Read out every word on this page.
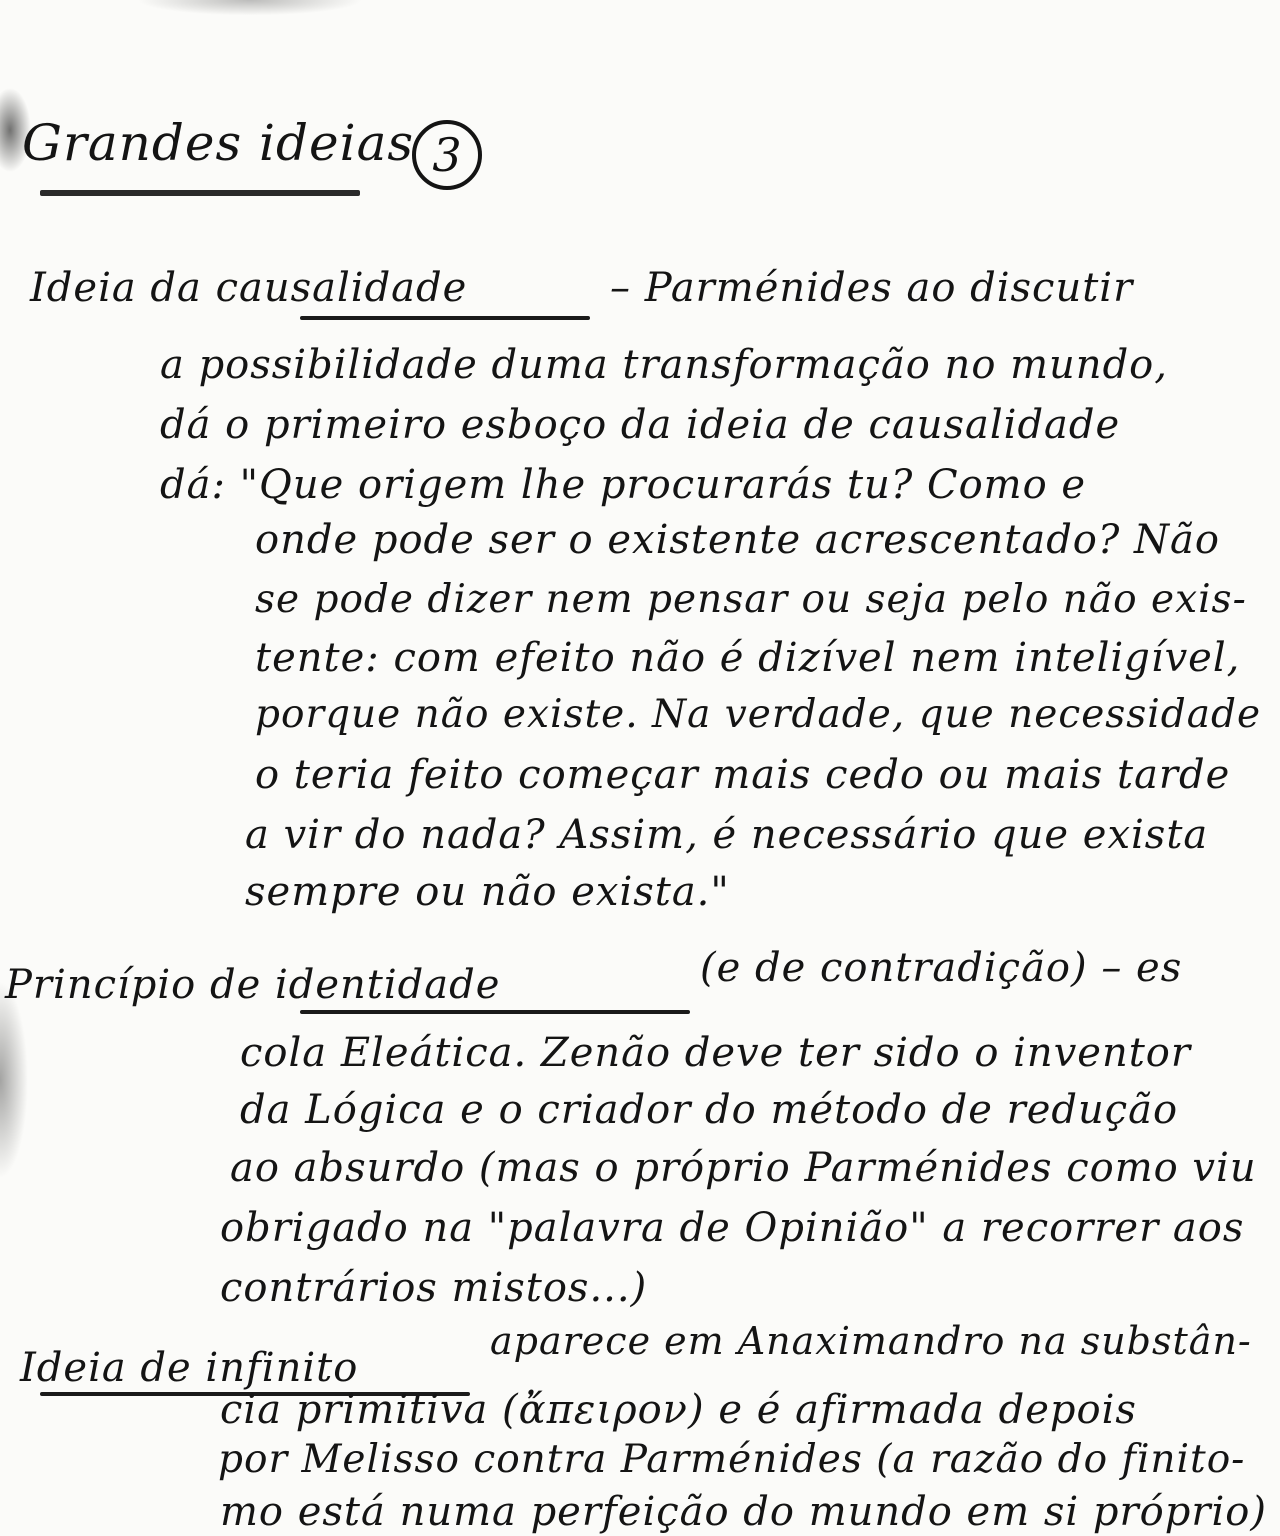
Grandes ideias 3
Ideia da causalidade	– Parménides ao discutir
a possibilidade duma transformação no mundo,
dá o primeiro esboço da ideia de causalidade
dá: "Que origem lhe procurarás tu? Como e
onde pode ser o existente acrescentado? Não
se pode dizer nem pensar ou seja pelo não exis-
tente: com efeito não é dizível nem inteligível,
porque não existe. Na verdade, que necessidade
o teria feito começar mais cedo ou mais tarde
a vir do nada? Assim, é necessário que exista
sempre ou não exista."
Princípio de identidade	(e de contradição) – es
cola Eleática. Zenão deve ter sido o inventor
da Lógica e o criador do método de redução
ao absurdo (mas o próprio Parménides como viu
obrigado na "palavra de Opinião" a recorrer aos
contrários mistos...)
Ideia de infinito
aparece em Anaximandro na substân-
cia primitiva (ἄπειρον) e é afirmada depois
por Melisso contra Parménides (a razão do finito-
mo está numa perfeição do mundo em si próprio)
